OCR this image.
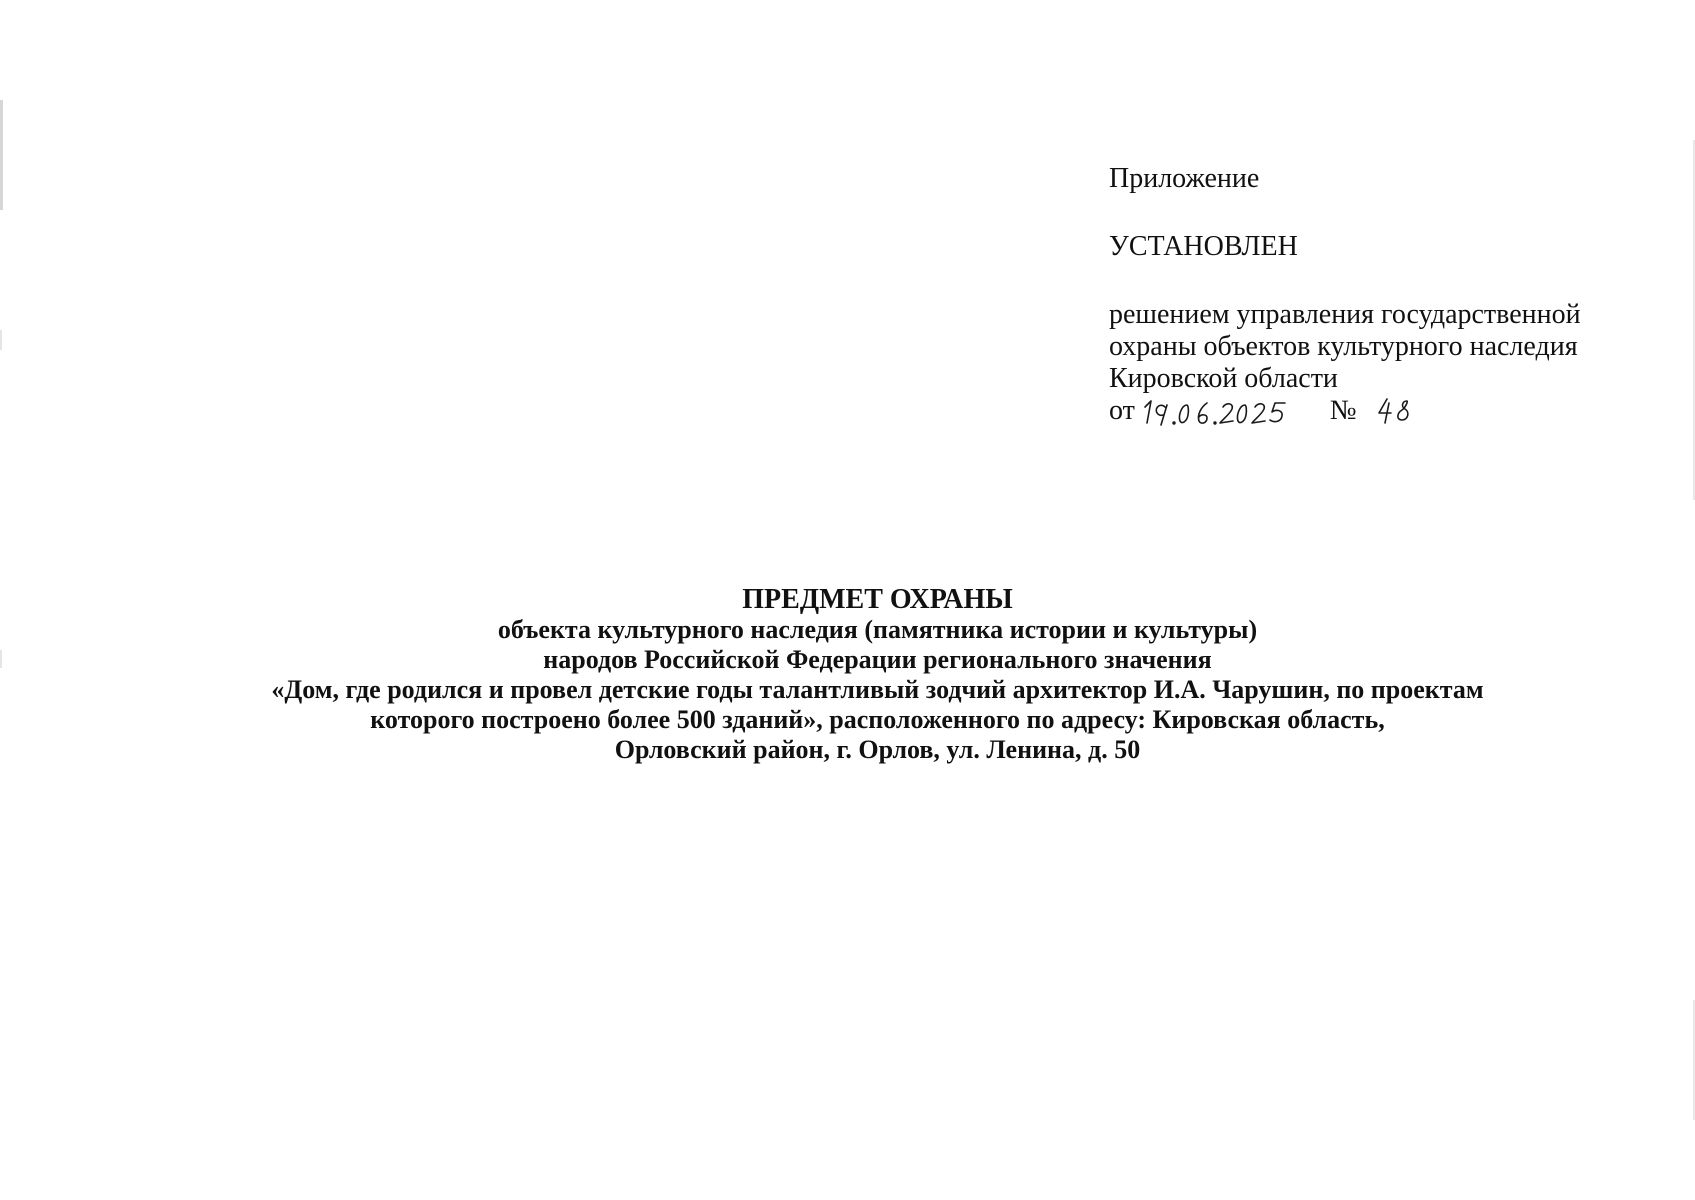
Приложение

УСТАНОВЛЕН

решением управления государственной

охраны объектов культурного наследия

Кировской области

от	№

ПРЕДМЕТ ОХРАНЫ

объекта культурного наследия (памятника истории и культуры)

народов Российской Федерации регионального значения

«Дом, где родился и провел детские годы талантливый зодчий архитектор И.А. Чарушин, по проектам

которого построено более 500 зданий», расположенного по адресу: Кировская область,

Орловский район, г. Орлов, ул. Ленина, д. 50
